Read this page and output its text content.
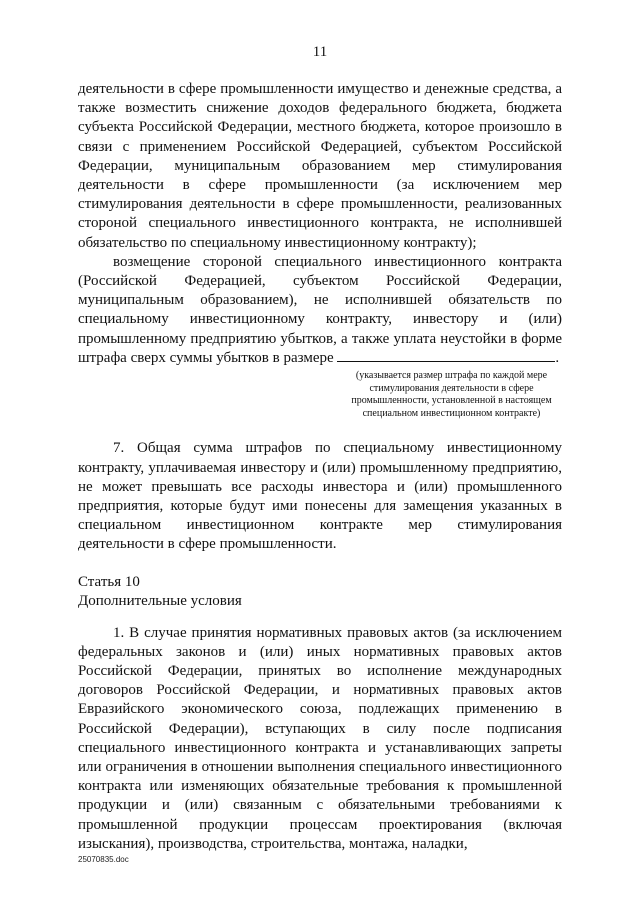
11

деятельности в сфере промышленности имущество и денежные средства, а также возместить снижение доходов федерального бюджета, бюджета субъекта Российской Федерации, местного бюджета, которое произошло в связи с применением Российской Федерацией, субъектом Российской Федерации, муниципальным образованием мер стимулирования деятельности в сфере промышленности (за исключением мер стимулирования деятельности в сфере промышленности, реализованных стороной специального инвестиционного контракта, не исполнившей обязательство по специальному инвестиционному контракту);

возмещение стороной специального инвестиционного контракта (Российской Федерацией, субъектом Российской Федерации, муниципальным образованием), не исполнившей обязательств по специальному инвестиционному контракту, инвестору и (или) промышленному предприятию убытков, а также уплата неустойки в форме штрафа сверх суммы убытков в размере	.

(указывается размер штрафа по каждой мере стимулирования деятельности в сфере промышленности, установленной в настоящем специальном инвестиционном контракте)

7. Общая сумма штрафов по специальному инвестиционному контракту, уплачиваемая инвестору и (или) промышленному предприятию, не может превышать все расходы инвестора и (или) промышленного предприятия, которые будут ими понесены для замещения указанных в специальном инвестиционном контракте мер стимулирования деятельности в сфере промышленности.

Статья 10

Дополнительные условия

1. В случае принятия нормативных правовых актов (за исключением федеральных законов и (или) иных нормативных правовых актов Российской Федерации, принятых во исполнение международных договоров Российской Федерации, и нормативных правовых актов Евразийского экономического союза, подлежащих применению в Российской Федерации), вступающих в силу после подписания специального инвестиционного контракта и устанавливающих запреты или ограничения в отношении выполнения специального инвестиционного контракта или изменяющих обязательные требования к промышленной продукции и (или) связанным с обязательными требованиями к промышленной продукции процессам проектирования (включая изыскания), производства, строительства, монтажа, наладки,

25070835.doc
